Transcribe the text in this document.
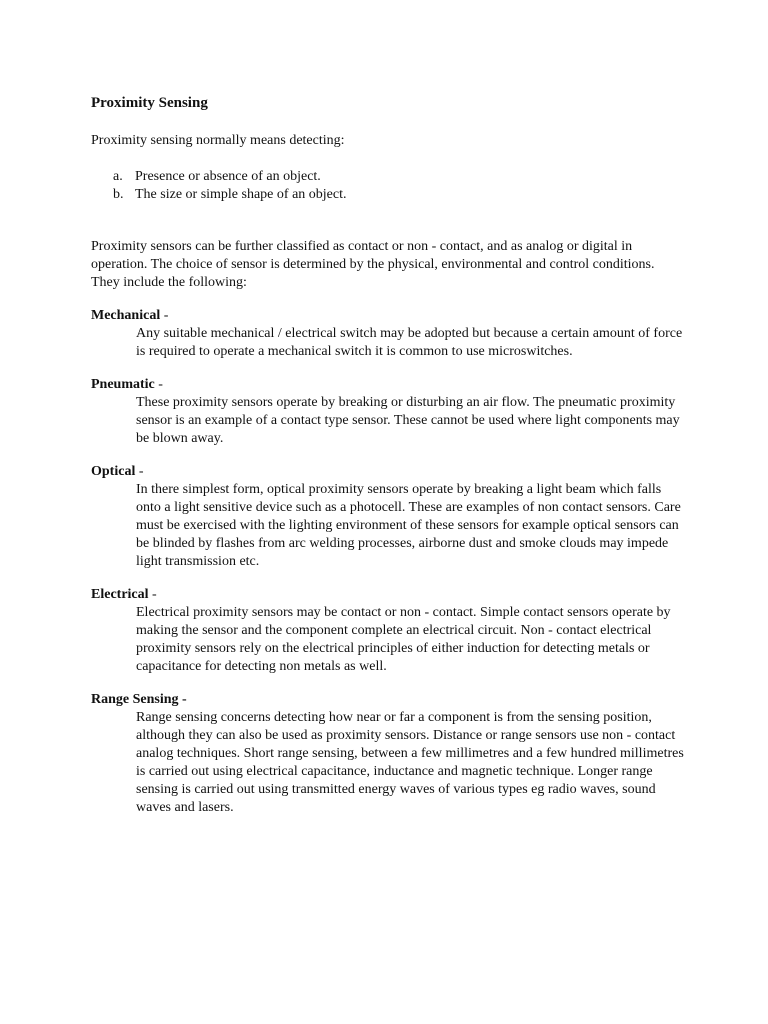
Proximity Sensing

Proximity sensing normally means detecting:

a. Presence or absence of an object.
b. The size or simple shape of an object.

Proximity sensors can be further classified as contact or non - contact, and as analog or digital in operation. The choice of sensor is determined by the physical, environmental and control conditions. They include the following:

Mechanical -

Any suitable mechanical / electrical switch may be adopted but because a certain amount of force is required to operate a mechanical switch it is common to use microswitches.

Pneumatic -

These proximity sensors operate by breaking or disturbing an air flow. The pneumatic proximity sensor is an example of a contact type sensor. These cannot be used where light components may be blown away.

Optical -

In there simplest form, optical proximity sensors operate by breaking a light beam which falls onto a light sensitive device such as a photocell. These are examples of non contact sensors. Care must be exercised with the lighting environment of these sensors for example optical sensors can be blinded by flashes from arc welding processes, airborne dust and smoke clouds may impede light transmission etc.

Electrical -

Electrical proximity sensors may be contact or non - contact. Simple contact sensors operate by making the sensor and the component complete an electrical circuit. Non - contact electrical proximity sensors rely on the electrical principles of either induction for detecting metals or capacitance for detecting non metals as well.

Range Sensing -

Range sensing concerns detecting how near or far a component is from the sensing position, although they can also be used as proximity sensors. Distance or range sensors use non - contact analog techniques. Short range sensing, between a few millimetres and a few hundred millimetres is carried out using electrical capacitance, inductance and magnetic technique. Longer range sensing is carried out using transmitted energy waves of various types eg radio waves, sound waves and lasers.
